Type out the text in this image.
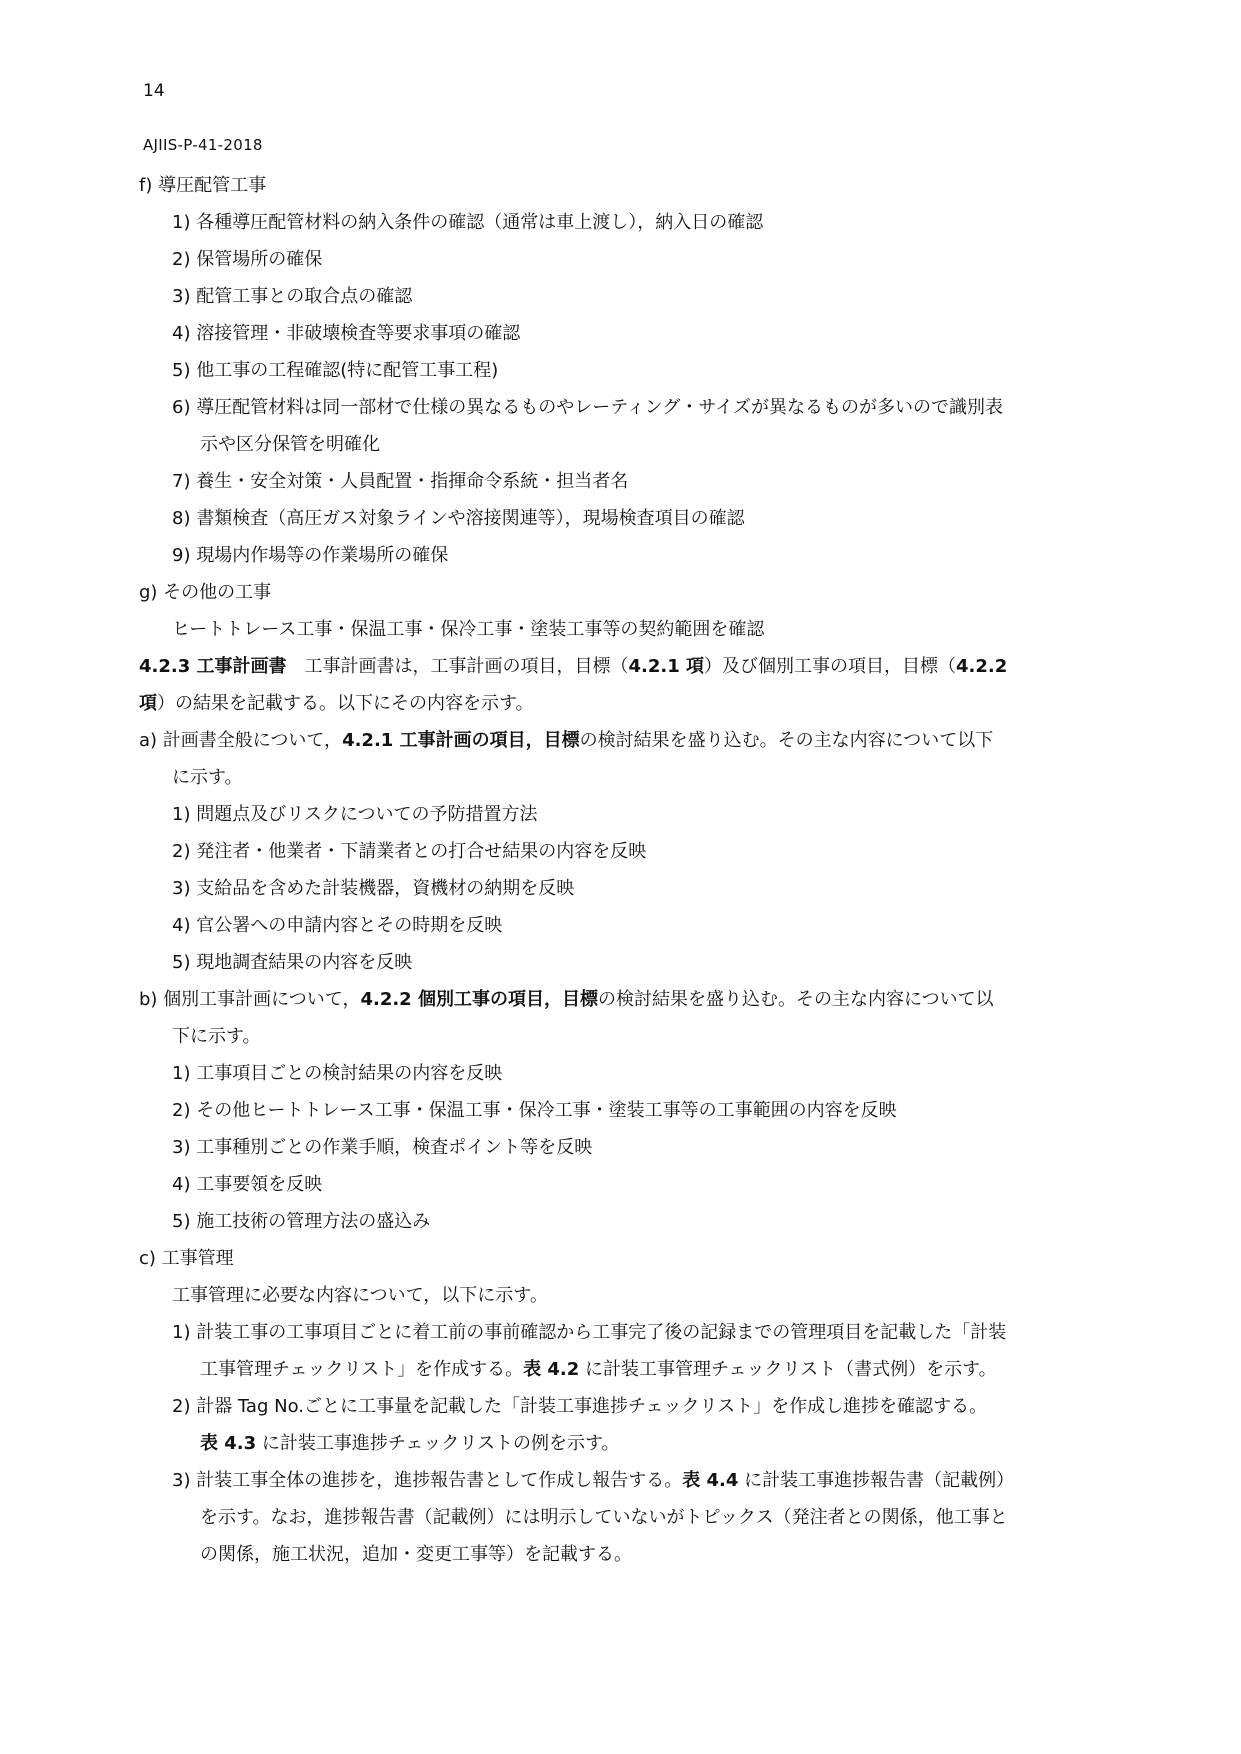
14
AJIIS-P-41-2018
f) 導圧配管工事
1) 各種導圧配管材料の納入条件の確認（通常は車上渡し），納入日の確認
2) 保管場所の確保
3) 配管工事との取合点の確認
4) 溶接管理・非破壊検査等要求事項の確認
5) 他工事の工程確認(特に配管工事工程)
6) 導圧配管材料は同一部材で仕様の異なるものやレーティング・サイズが異なるものが多いので識別表
示や区分保管を明確化
7) 養生・安全対策・人員配置・指揮命令系統・担当者名
8) 書類検査（高圧ガス対象ラインや溶接関連等），現場検査項目の確認
9) 現場内作場等の作業場所の確保
g) その他の工事
ヒートトレース工事・保温工事・保冷工事・塗装工事等の契約範囲を確認
4.2.3 工事計画書　工事計画書は，工事計画の項目，目標（4.2.1 項）及び個別工事の項目，目標（4.2.2
項）の結果を記載する。以下にその内容を示す。
a) 計画書全般について，4.2.1 工事計画の項目，目標の検討結果を盛り込む。その主な内容について以下
に示す。
1) 問題点及びリスクについての予防措置方法
2) 発注者・他業者・下請業者との打合せ結果の内容を反映
3) 支給品を含めた計装機器，資機材の納期を反映
4) 官公署への申請内容とその時期を反映
5) 現地調査結果の内容を反映
b) 個別工事計画について，4.2.2 個別工事の項目，目標の検討結果を盛り込む。その主な内容について以
下に示す。
1) 工事項目ごとの検討結果の内容を反映
2) その他ヒートトレース工事・保温工事・保冷工事・塗装工事等の工事範囲の内容を反映
3) 工事種別ごとの作業手順，検査ポイント等を反映
4) 工事要領を反映
5) 施工技術の管理方法の盛込み
c) 工事管理
工事管理に必要な内容について，以下に示す。
1) 計装工事の工事項目ごとに着工前の事前確認から工事完了後の記録までの管理項目を記載した「計装
工事管理チェックリスト」を作成する。表 4.2 に計装工事管理チェックリスト（書式例）を示す。
2) 計器 Tag No.ごとに工事量を記載した「計装工事進捗チェックリスト」を作成し進捗を確認する。
表 4.3 に計装工事進捗チェックリストの例を示す。
3) 計装工事全体の進捗を，進捗報告書として作成し報告する。表 4.4 に計装工事進捗報告書（記載例）
を示す。なお，進捗報告書（記載例）には明示していないがトピックス（発注者との関係，他工事と
の関係，施工状況，追加・変更工事等）を記載する。
